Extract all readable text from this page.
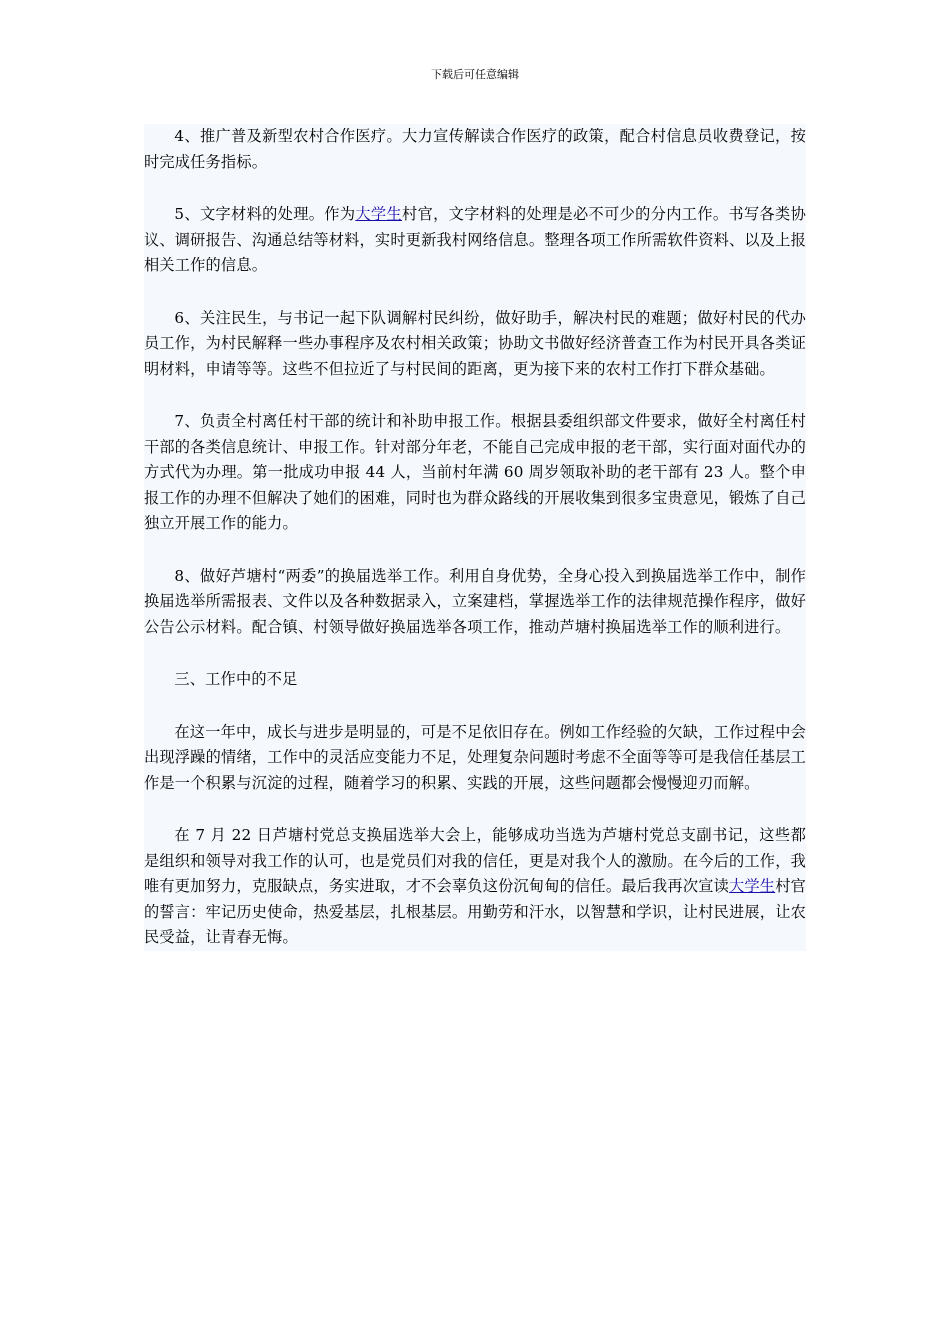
下载后可任意编辑

4、推广普及新型农村合作医疗。大力宣传解读合作医疗的政策，配合村信息员收费登记，按时完成任务指标。

5、文字材料的处理。作为大学生村官，文字材料的处理是必不可少的分内工作。书写各类协议、调研报告、沟通总结等材料，实时更新我村网络信息。整理各项工作所需软件资料、以及上报相关工作的信息。

6、关注民生，与书记一起下队调解村民纠纷，做好助手，解决村民的难题；做好村民的代办员工作，为村民解释一些办事程序及农村相关政策；协助文书做好经济普查工作为村民开具各类证明材料，申请等等。这些不但拉近了与村民间的距离，更为接下来的农村工作打下群众基础。

7、负责全村离任村干部的统计和补助申报工作。根据县委组织部文件要求，做好全村离任村干部的各类信息统计、申报工作。针对部分年老，不能自己完成申报的老干部，实行面对面代办的方式代为办理。第一批成功申报 44 人，当前村年满 60 周岁领取补助的老干部有 23 人。整个申报工作的办理不但解决了她们的困难，同时也为群众路线的开展收集到很多宝贵意见，锻炼了自己独立开展工作的能力。

8、做好芦塘村“两委”的换届选举工作。利用自身优势，全身心投入到换届选举工作中，制作换届选举所需报表、文件以及各种数据录入，立案建档，掌握选举工作的法律规范操作程序，做好公告公示材料。配合镇、村领导做好换届选举各项工作，推动芦塘村换届选举工作的顺利进行。

三、工作中的不足

在这一年中，成长与进步是明显的，可是不足依旧存在。例如工作经验的欠缺，工作过程中会出现浮躁的情绪，工作中的灵活应变能力不足，处理复杂问题时考虑不全面等等可是我信任基层工作是一个积累与沉淀的过程，随着学习的积累、实践的开展，这些问题都会慢慢迎刃而解。

在 7 月 22 日芦塘村党总支换届选举大会上，能够成功当选为芦塘村党总支副书记，这些都是组织和领导对我工作的认可，也是党员们对我的信任，更是对我个人的激励。在今后的工作，我唯有更加努力，克服缺点，务实进取，才不会辜负这份沉甸甸的信任。最后我再次宣读大学生村官的誓言：牢记历史使命，热爱基层，扎根基层。用勤劳和汗水，以智慧和学识，让村民进展，让农民受益，让青春无悔。
